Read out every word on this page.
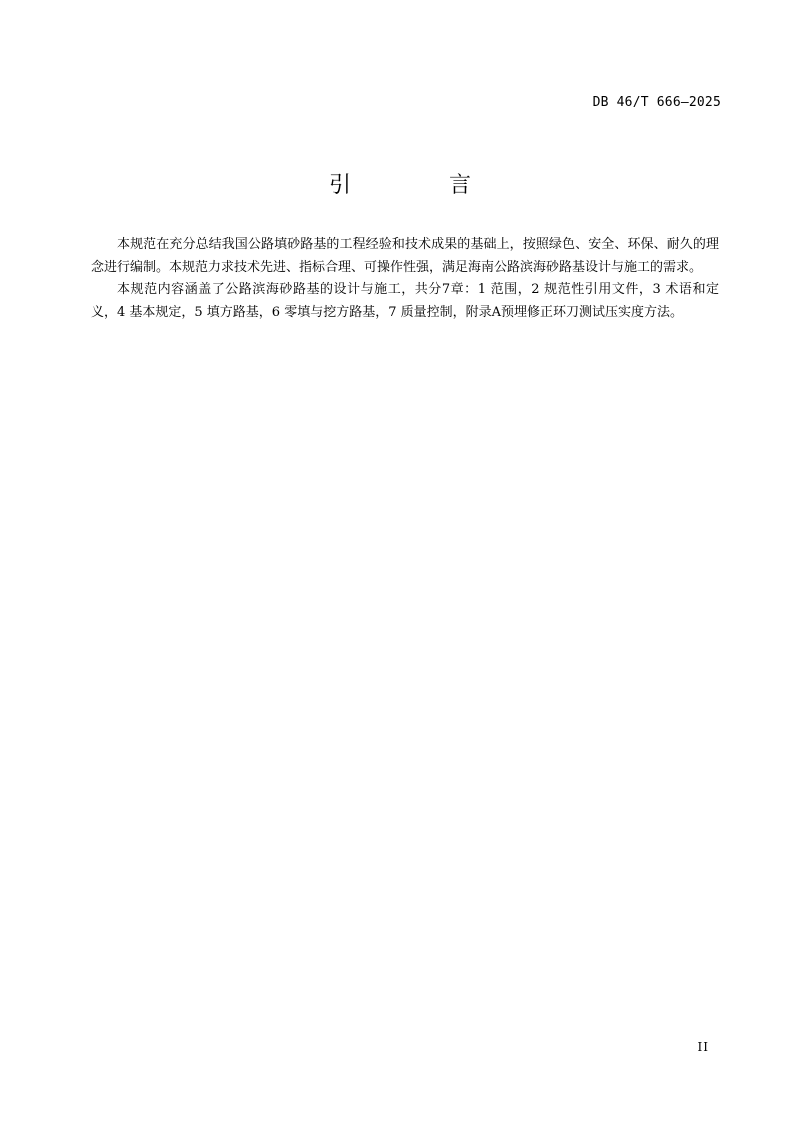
DB 46/T 666—2025
引　言

本规范在充分总结我国公路填砂路基的工程经验和技术成果的基础上，按照绿色、安全、环保、耐久的理念进行编制。本规范力求技术先进、指标合理、可操作性强，满足海南公路滨海砂路基设计与施工的需求。

本规范内容涵盖了公路滨海砂路基的设计与施工，共分7章：1 范围，2 规范性引用文件，3 术语和定义，4 基本规定，5 填方路基，6 零填与挖方路基，7 质量控制，附录A预埋修正环刀测试压实度方法。

II
